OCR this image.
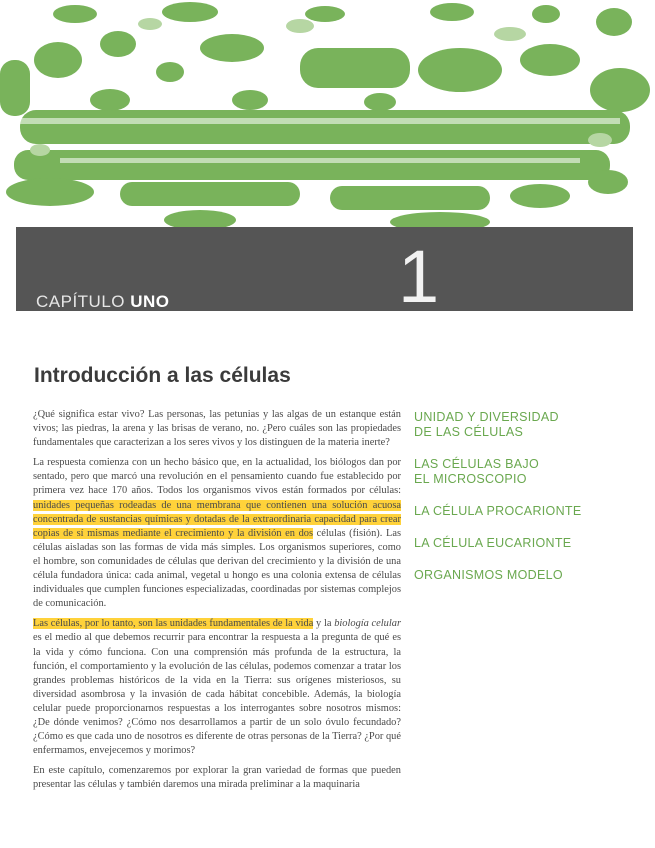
CAPÍTULO UNO	1
Introducción a las células

¿Qué significa estar vivo? Las personas, las petunias y las algas de un estanque están vivos; las piedras, la arena y las brisas de verano, no. ¿Pero cuáles son las propiedades fundamentales que caracterizan a los seres vivos y los distinguen de la materia inerte?

La respuesta comienza con un hecho básico que, en la actualidad, los biólogos dan por sentado, pero que marcó una revolución en el pensamiento cuando fue establecido por primera vez hace 170 años. Todos los organismos vivos están formados por células: unidades pequeñas rodeadas de una membrana que contienen una solución acuosa concentrada de sustancias químicas y dotadas de la extraordinaria capacidad para crear copias de sí mismas mediante el crecimiento y la división en dos células (fisión). Las células aisladas son las formas de vida más simples. Los organismos superiores, como el hombre, son comunidades de células que derivan del crecimiento y la división de una célula fundadora única: cada animal, vegetal u hongo es una colonia extensa de células individuales que cumplen funciones especializadas, coordinadas por sistemas complejos de comunicación.

Las células, por lo tanto, son las unidades fundamentales de la vida y la biología celular es el medio al que debemos recurrir para encontrar la respuesta a la pregunta de qué es la vida y cómo funciona. Con una comprensión más profunda de la estructura, la función, el comportamiento y la evolución de las células, podemos comenzar a tratar los grandes problemas históricos de la vida en la Tierra: sus orígenes misteriosos, su diversidad asombrosa y la invasión de cada hábitat concebible. Además, la biología celular puede proporcionarnos respuestas a los interrogantes sobre nosotros mismos: ¿De dónde venimos? ¿Cómo nos desarrollamos a partir de un solo óvulo fecundado? ¿Cómo es que cada uno de nosotros es diferente de otras personas de la Tierra? ¿Por qué enfermamos, envejecemos y morimos?

En este capítulo, comenzaremos por explorar la gran variedad de formas que pueden presentar las células y también daremos una mirada preliminar a la maquinaria

UNIDAD Y DIVERSIDAD
DE LAS CÉLULAS
LAS CÉLULAS BAJO
EL MICROSCOPIO
LA CÉLULA PROCARIONTE
LA CÉLULA EUCARIONTE
ORGANISMOS MODELO
